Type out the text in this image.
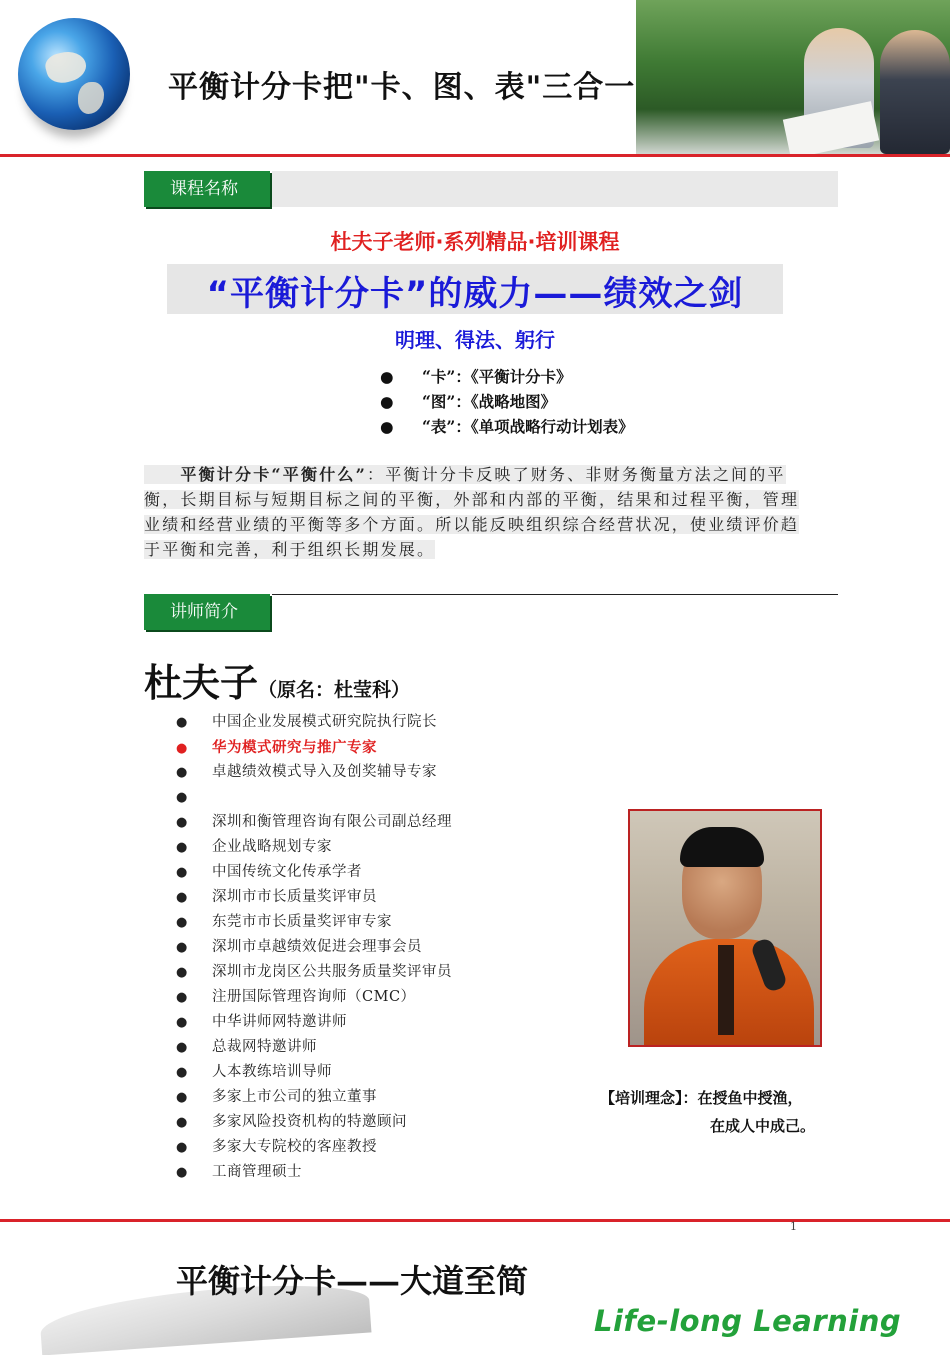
平衡计分卡把"卡、图、表"三合一
课程名称
杜夫子老师·系列精品·培训课程
“平衡计分卡”的威力——绩效之剑
明理、得法、躬行
● “卡”：《平衡计分卡》
● “图”：《战略地图》
● “表”：《单项战略行动计划表》
  平衡计分卡“平衡什么”：平衡计分卡反映了财务、非财务衡量方法之间的平衡，长期目标与短期目标之间的平衡，外部和内部的平衡，结果和过程平衡，管理业绩和经营业绩的平衡等多个方面。所以能反映组织综合经营状况，使业绩评价趋于平衡和完善，利于组织长期发展。
讲师简介
杜夫子（原名：杜莹科）
● 中国企业发展模式研究院执行院长
● 华为模式研究与推广专家
● 卓越绩效模式导入及创奖辅导专家
●
● 深圳和衡管理咨询有限公司副总经理
● 企业战略规划专家
● 中国传统文化传承学者
● 深圳市市长质量奖评审员
● 东莞市市长质量奖评审专家
● 深圳市卓越绩效促进会理事会员
● 深圳市龙岗区公共服务质量奖评审员
● 注册国际管理咨询师（CMC）
● 中华讲师网特邀讲师
● 总裁网特邀讲师
● 人本教练培训导师
● 多家上市公司的独立董事
● 多家风险投资机构的特邀顾问
● 多家大专院校的客座教授
● 工商管理硕士
【培训理念】：在授鱼中授渔，
在成人中成己。
1
平衡计分卡——大道至简
Life-long Learning
